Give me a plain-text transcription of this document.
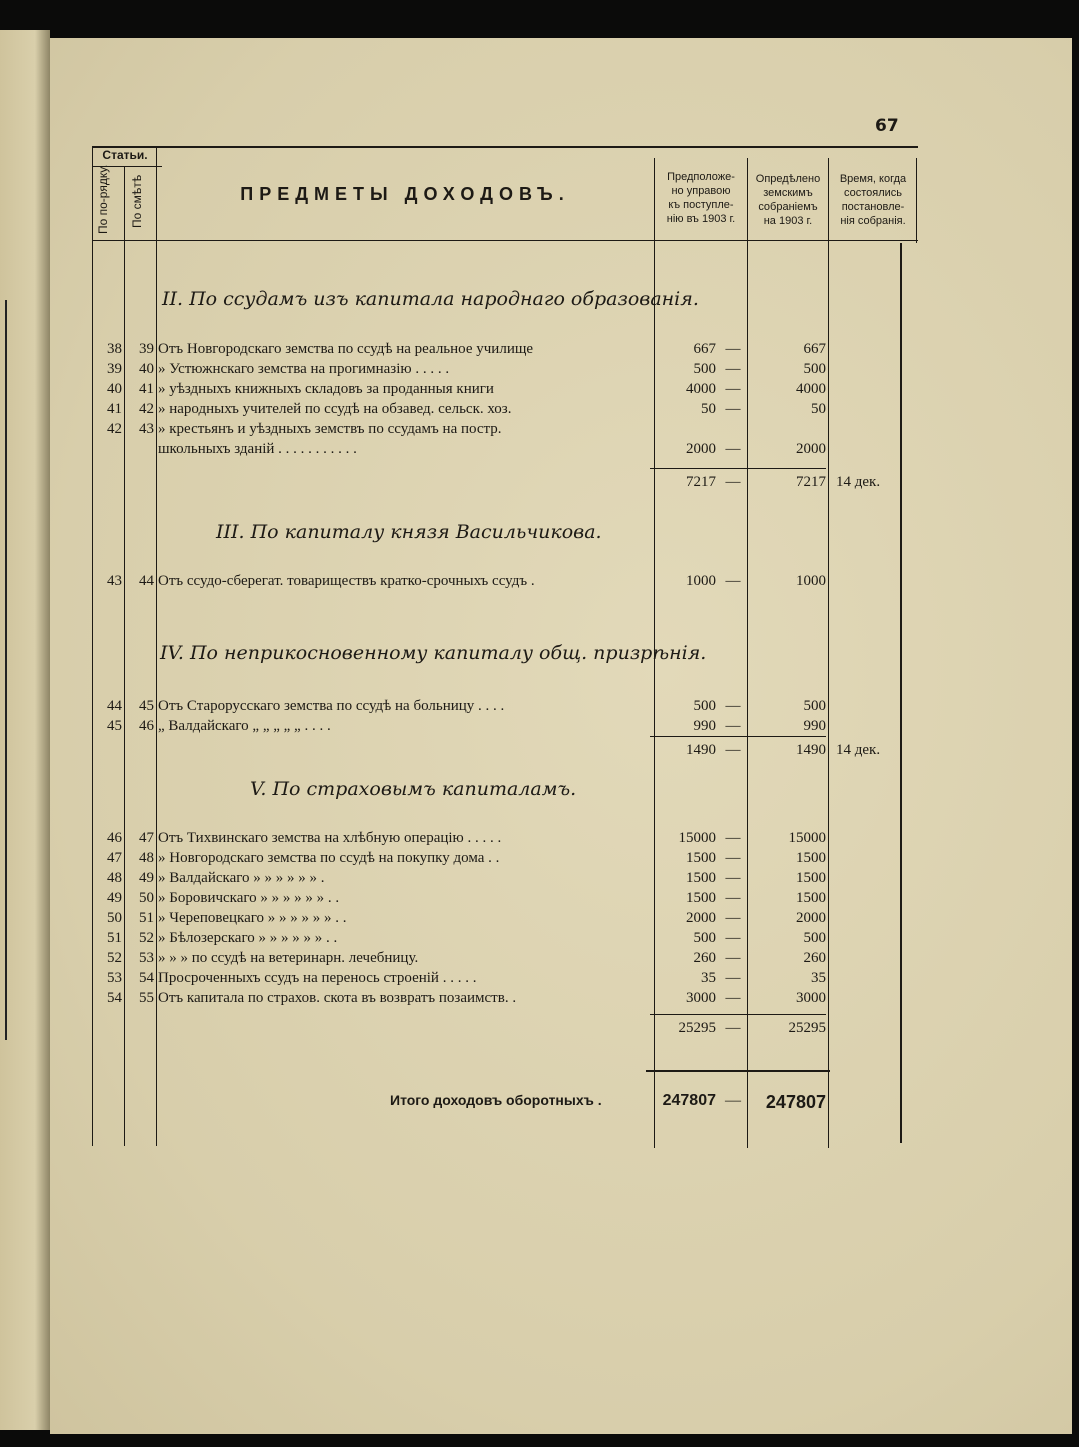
67
Статьи.
По по-рядку. По смѣтѣ	ПРЕДМЕТЫ ДОХОДОВЪ.
Предположе-
но управою
къ поступле-
нію въ 1903 г.
Опредѣлено
земскимъ
собраніемъ
на 1903 г.
Время, когда
состоялись
постановле-
нія собранія.
II. По ссудамъ изъ капитала народнаго образованія.
III. По капиталу князя Васильчикова.
IV. По неприкосновенному капиталу общ. призрѣнія.
V. По страховымъ капиталамъ.
38	39 Отъ Новгородскаго земства по ссудѣ на реальное училище	667 —	667
39	40 » Устюжнскаго земства на прогимназію . . . . .	500 —	500
40	41 » уѣздныхъ книжныхъ складовъ за проданныя книги	4000 —	4000
41	42 » народныхъ учителей по ссудѣ на обзавед. сельск. хоз.	50 —	50
42	43 » крестьянъ и уѣздныхъ земствъ по ссудамъ на постр.
школьныхъ зданій . . . . . . . . . . .	2000 —	2000
7217 —	7217 14 дек.
43	44 Отъ ссудо-сберегат. товариществъ кратко-срочныхъ ссудъ .	1000 —	1000
44	45 Отъ Старорусскаго земства по ссудѣ на больницу . . . .	500 —	500
45	46 „ Валдайскаго „ „ „ „ „ . . . .	990 —	990
1490 —	1490 14 дек.
46	47 Отъ Тихвинскаго земства на хлѣбную операцію . . . . .	15000 —	15000
47	48 » Новгородскаго земства по ссудѣ на покупку дома . .	1500 —	1500
48	49 » Валдайскаго » » » » » » .	1500 —	1500
49	50 » Боровичскаго » » » » » » . .	1500 —	1500
50	51 » Череповецкаго » » » » » » . .	2000 —	2000
51	52 » Бѣлозерскаго » » » » » » . .	500 —	500
52	53 » » » по ссудѣ на ветеринарн. лечебницу.	260 —	260
53	54 Просроченныхъ ссудъ на перенось строеній . . . . .	35 —	35
54	55 Отъ капитала по страхов. скота въ возвратъ позаимств. .	3000 —	3000
25295 —	25295
Итого доходовъ оборотныхъ .	247807 —	247807
